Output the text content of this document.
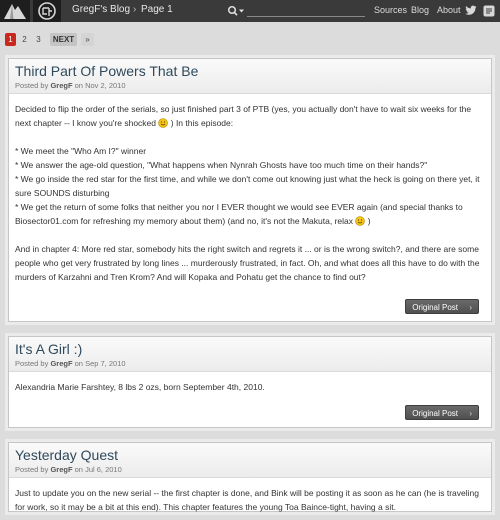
GregF's Blog › Page 1	Sources Blog About
1	2	3	NEXT	»
Third Part Of Powers That Be
Posted by GregF on Nov 2, 2010

Decided to flip the order of the serials, so just finished part 3 of PTB (yes, you actually don't have to wait six weeks for the next chapter -- I know you're shocked ) In this episode:

* We meet the "Who Am I?" winner
* We answer the age-old question, "What happens when Nynrah Ghosts have too much time on their hands?"
* We go inside the red star for the first time, and while we don't come out knowing just what the heck is going on there yet, it sure SOUNDS disturbing
* We get the return of some folks that neither you nor I EVER thought we would see EVER again (and special thanks to Biosector01.com for refreshing my memory about them) (and no, it's not the Makuta, relax )

And in chapter 4: More red star, somebody hits the right switch and regrets it ... or is the wrong switch?, and there are some people who get very frustrated by long lines ... murderously frustrated, in fact. Oh, and what does all this have to do with the murders of Karzahni and Tren Krom? And will Kopaka and Pohatu get the chance to find out?

Original Post ›
It's A Girl :)
Posted by GregF on Sep 7, 2010

Alexandria Marie Farshtey, 8 lbs 2 ozs, born September 4th, 2010.

Original Post ›
Yesterday Quest
Posted by GregF on Jul 6, 2010

Just to update you on the new serial -- the first chapter is done, and Bink will be posting it as soon as he can (he is traveling for work, so it may be a bit at this end). This chapter features the young Toa Baince-tight, having a sit.
